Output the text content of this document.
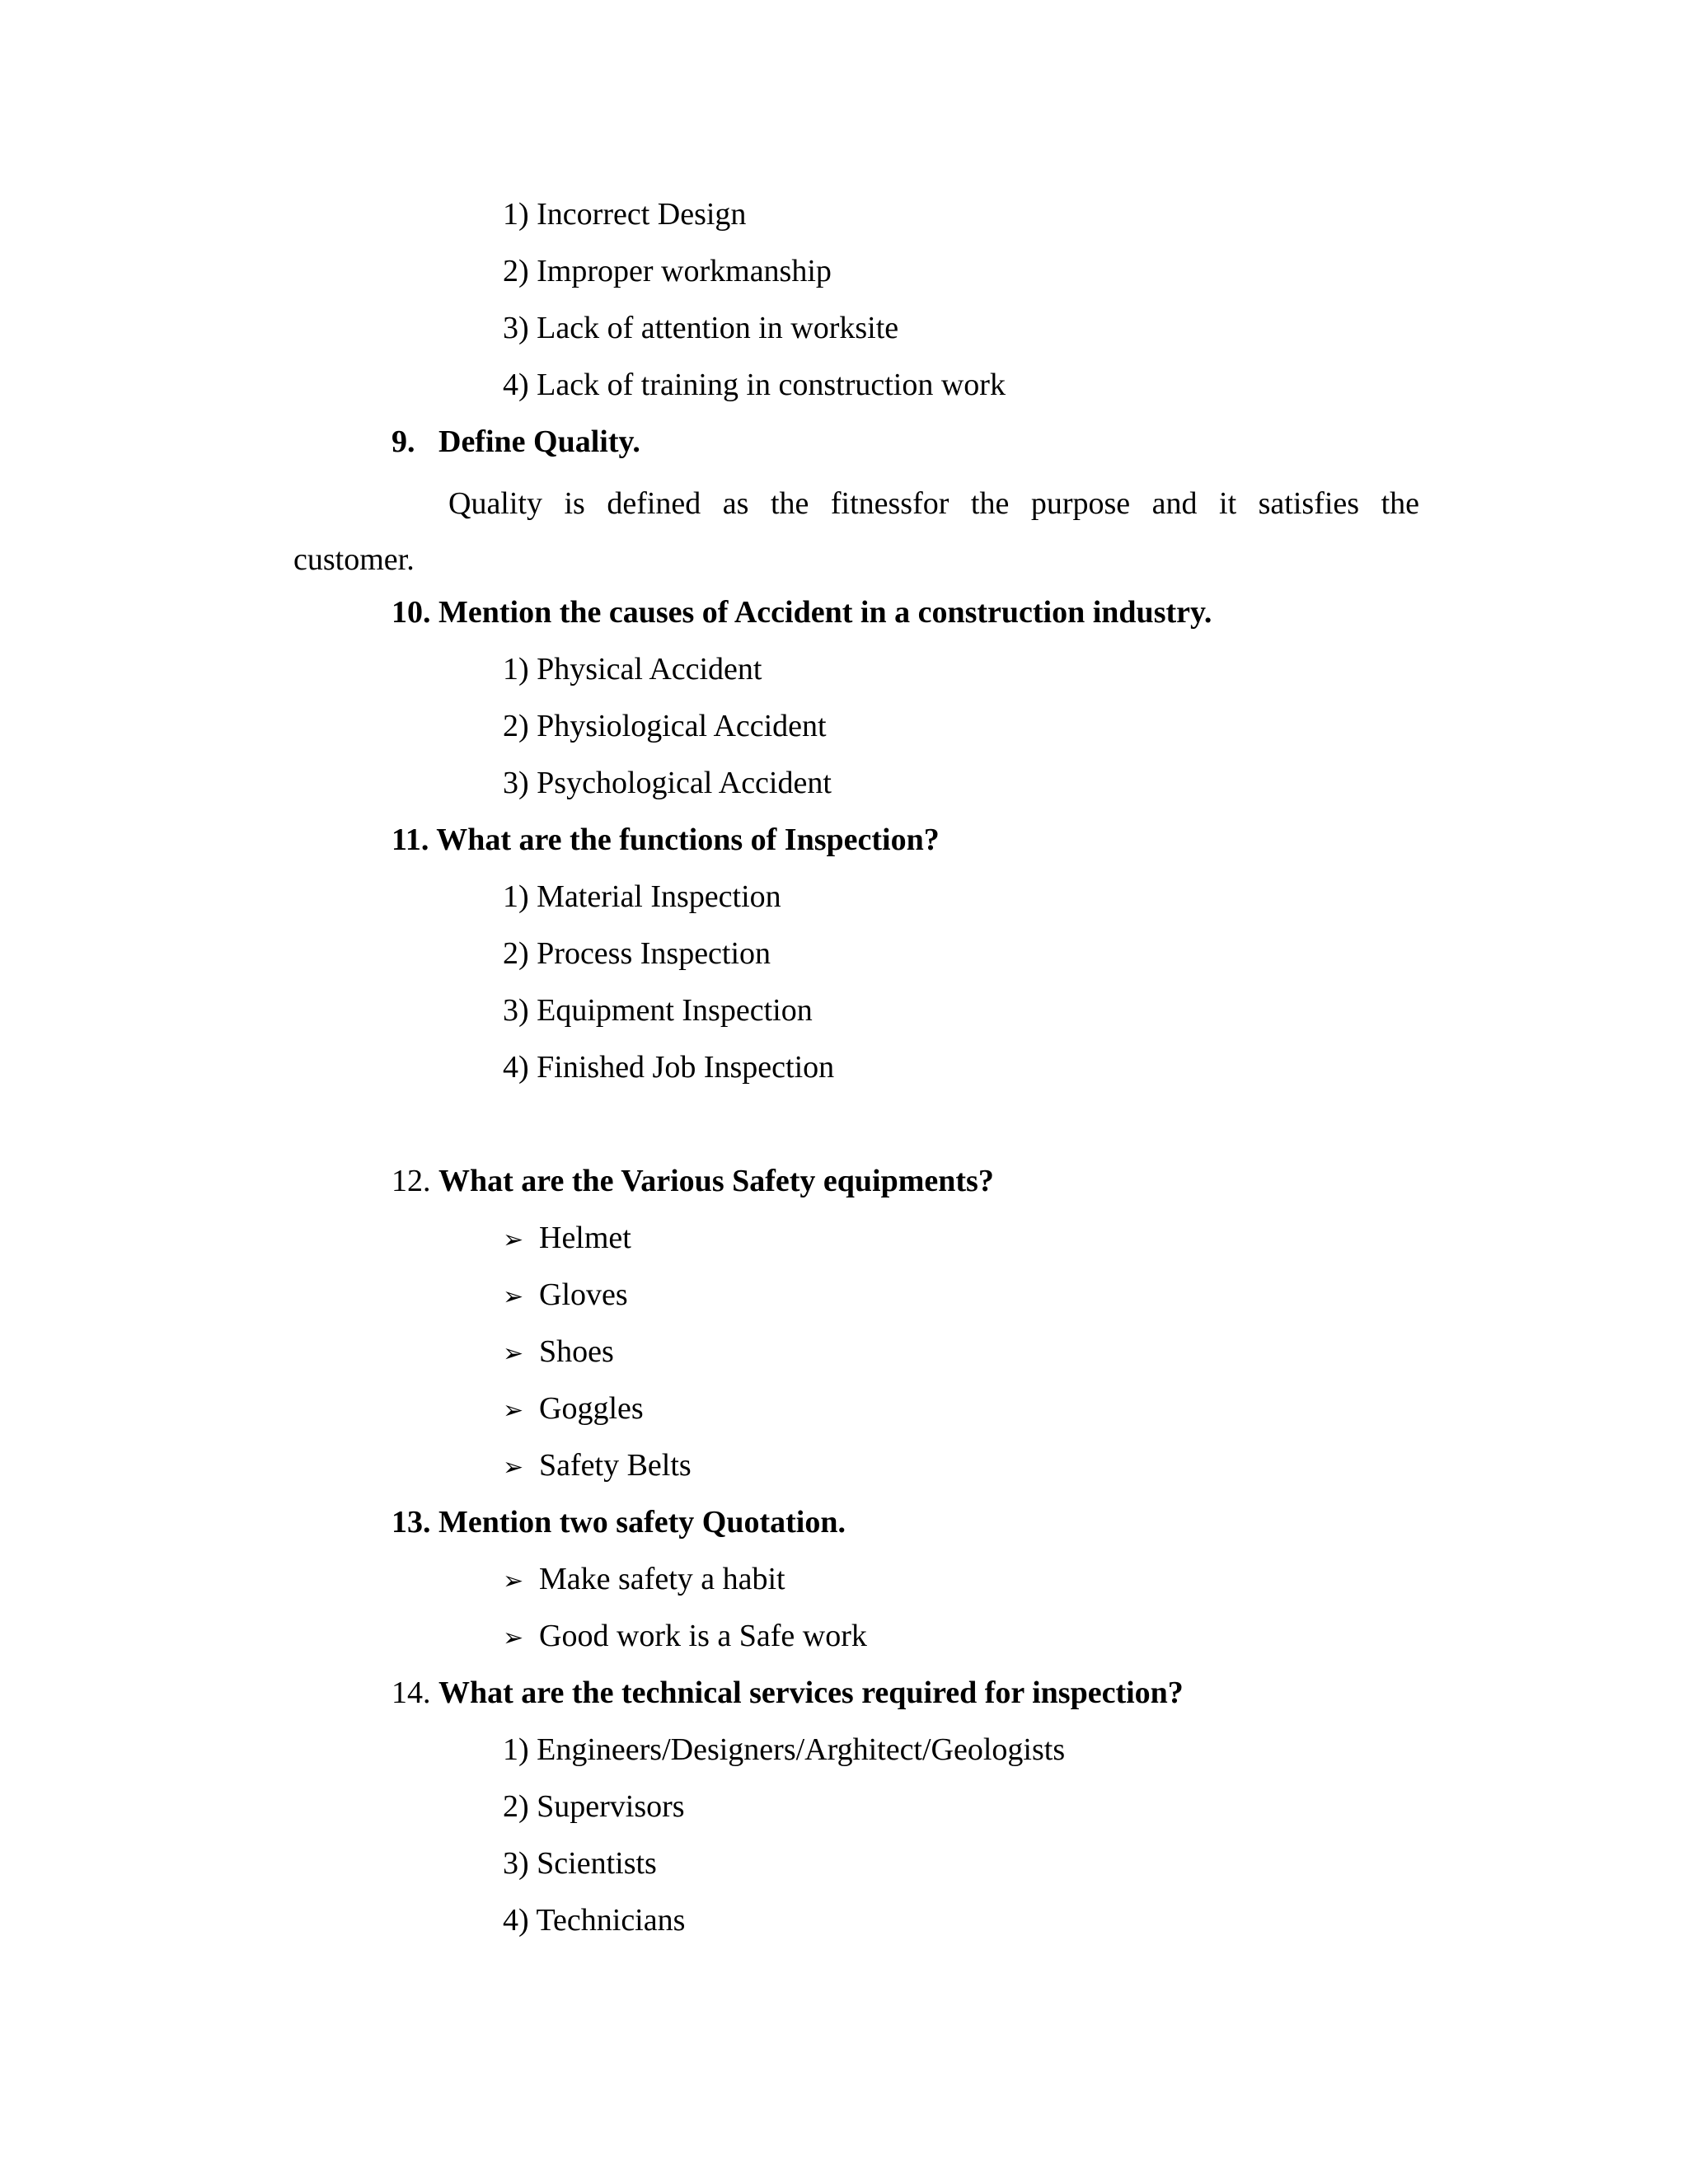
1) Incorrect Design
2) Improper workmanship
3) Lack of attention in worksite
4) Lack of training in construction work
9. Define Quality.
Quality is defined as the fitnessfor the purpose and it satisfies the
customer.
10. Mention the causes of Accident in a construction industry.
1) Physical Accident
2) Physiological Accident
3) Psychological Accident
11. What are the functions of Inspection?
1) Material Inspection
2) Process Inspection
3) Equipment Inspection
4) Finished Job Inspection
12. What are the Various Safety equipments?
➢ Helmet
➢ Gloves
➢ Shoes
➢ Goggles
➢ Safety Belts
13. Mention two safety Quotation.
➢ Make safety a habit
➢ Good work is a Safe work
14. What are the technical services required for inspection?
1) Engineers/Designers/Arghitect/Geologists
2) Supervisors
3) Scientists
4) Technicians
